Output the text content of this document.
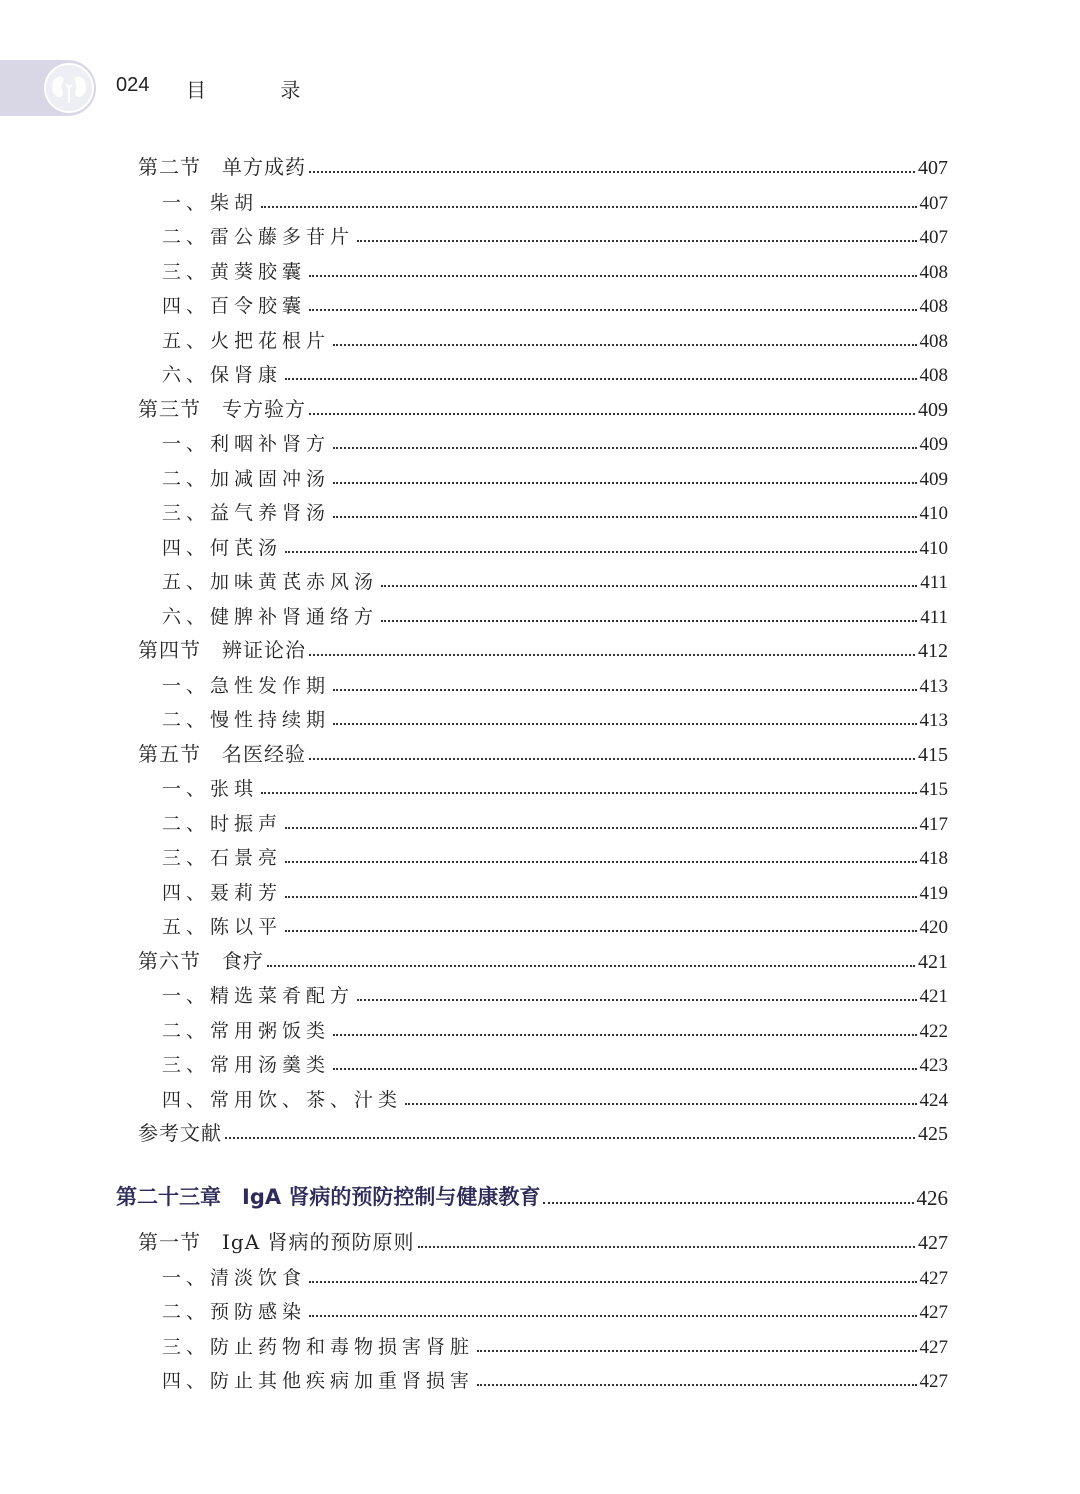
024 目 录
第二节　单方成药	407
一、柴胡	407
二、雷公藤多苷片	407
三、黄葵胶囊	408
四、百令胶囊	408
五、火把花根片	408
六、保肾康	408
第三节　专方验方	409
一、利咽补肾方	409
二、加减固冲汤	409
三、益气养肾汤	410
四、何芪汤	410
五、加味黄芪赤风汤	411
六、健脾补肾通络方	411
第四节　辨证论治	412
一、急性发作期	413
二、慢性持续期	413
第五节　名医经验	415
一、张琪	415
二、时振声	417
三、石景亮	418
四、聂莉芳	419
五、陈以平	420
第六节　食疗	421
一、精选菜肴配方	421
二、常用粥饭类	422
三、常用汤羹类	423
四、常用饮、茶、汁类	424
参考文献	425
第二十三章　IgA 肾病的预防控制与健康教育	426
第一节　IgA 肾病的预防原则	427
一、清淡饮食	427
二、预防感染	427
三、防止药物和毒物损害肾脏	427
四、防止其他疾病加重肾损害	427
